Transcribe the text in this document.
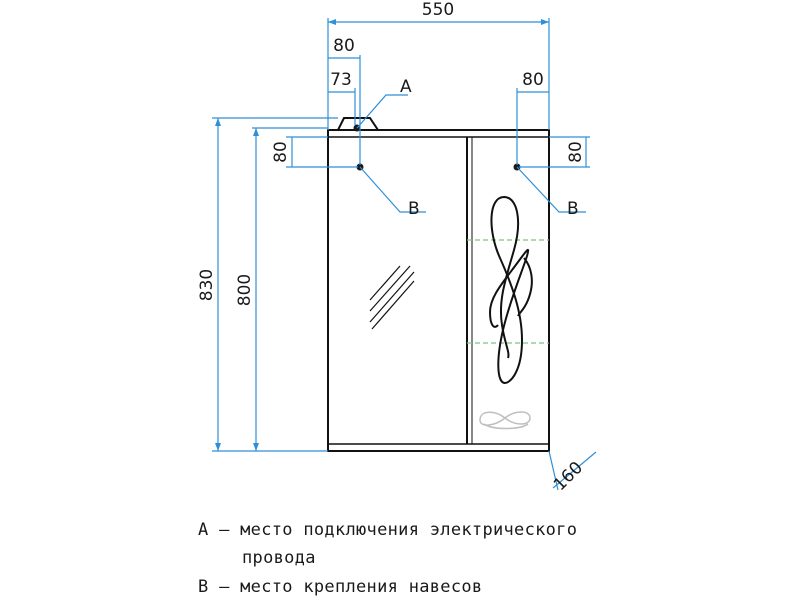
550
80
73	80
A
B	B
830 800
80	80
160
А – место подключения электрического
провода
В – место крепления навесов
